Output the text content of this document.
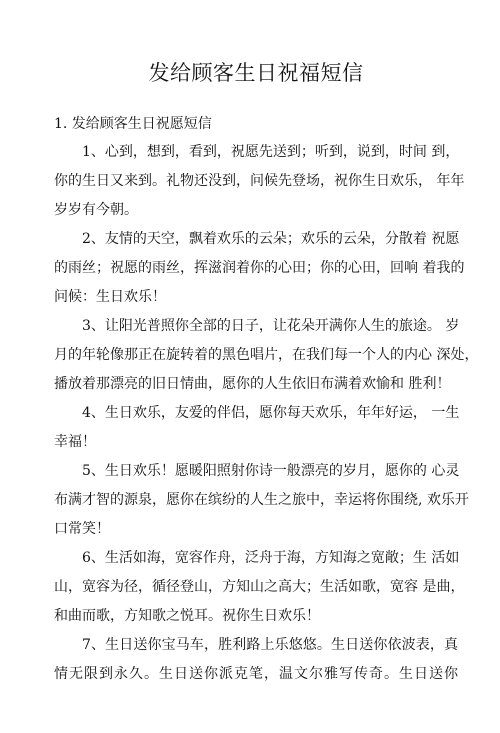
发给顾客生日祝福短信
1. 发给顾客生日祝愿短信
1、心到，想到，看到，祝愿先送到；听到，说到，时间 到，
你的生日又来到。礼物还没到，问候先登场，祝你生日欢乐， 年年
岁岁有今朝。
2、友情的天空，飘着欢乐的云朵；欢乐的云朵，分散着 祝愿
的雨丝；祝愿的雨丝，挥滋润着你的心田；你的心田，回响 着我的
问候：生日欢乐！
3、让阳光普照你全部的日子，让花朵开满你人生的旅途。 岁
月的年轮像那正在旋转着的黑色唱片，在我们每一个人的内心 深处，
播放着那漂亮的旧日情曲，愿你的人生依旧布满着欢愉和 胜利！
4、生日欢乐，友爱的伴侣，愿你每天欢乐，年年好运， 一生
幸福！
5、生日欢乐！愿暖阳照射你诗一般漂亮的岁月，愿你的 心灵
布满才智的源泉，愿你在缤纷的人生之旅中，幸运将你围绕, 欢乐开
口常笑！
6、生活如海，宽容作舟，泛舟于海，方知海之宽敞；生 活如
山，宽容为径，循径登山，方知山之高大；生活如歌，宽容 是曲，
和曲而歌，方知歌之悦耳。祝你生日欢乐！
7、生日送你宝马车，胜利路上乐悠悠。生日送你依波表，真
情无限到永久。生日送你派克笔，温文尔雅写传奇。生日送你
